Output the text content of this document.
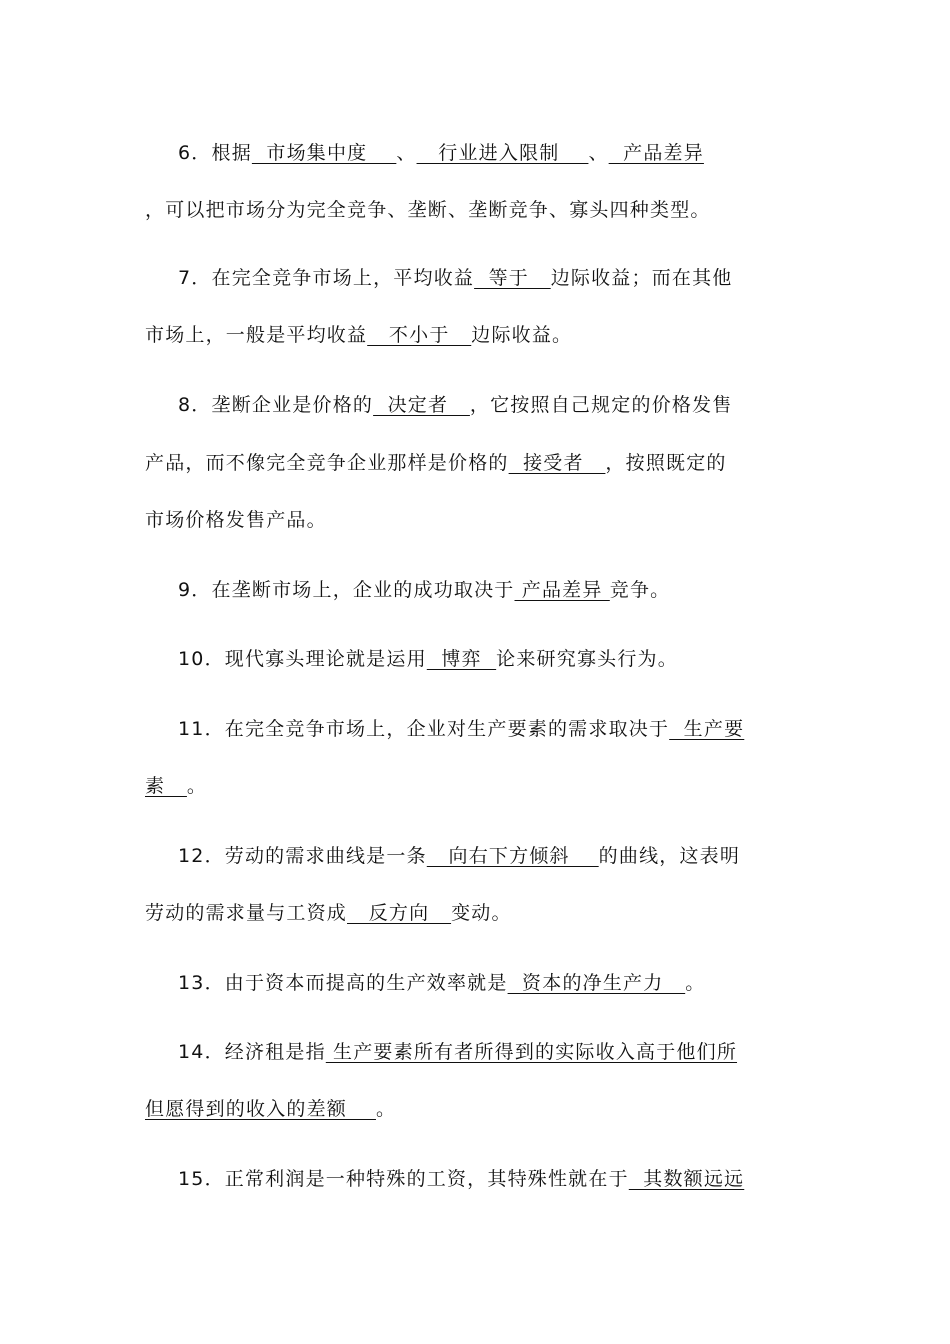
6．根据  市场集中度    、   行业进入限制    、  产品差异
，可以把市场分为完全竞争、垄断、垄断竞争、寡头四种类型。
7．在完全竞争市场上，平均收益  等于   边际收益；而在其他
市场上，一般是平均收益   不小于   边际收益。
8．垄断企业是价格的  决定者   ，它按照自己规定的价格发售
产品，而不像完全竞争企业那样是价格的  接受者   ，按照既定的
市场价格发售产品。
9．在垄断市场上，企业的成功取决于 产品差异 竞争。
10．现代寡头理论就是运用  博弈  论来研究寡头行为。
11．在完全竞争市场上，企业对生产要素的需求取决于  生产要
素   。
12．劳动的需求曲线是一条   向右下方倾斜    的曲线，这表明
劳动的需求量与工资成   反方向   变动。
13．由于资本而提高的生产效率就是  资本的净生产力   。
14．经济租是指 生产要素所有者所得到的实际收入高于他们所
但愿得到的收入的差额    。
15．正常利润是一种特殊的工资，其特殊性就在于  其数额远远
